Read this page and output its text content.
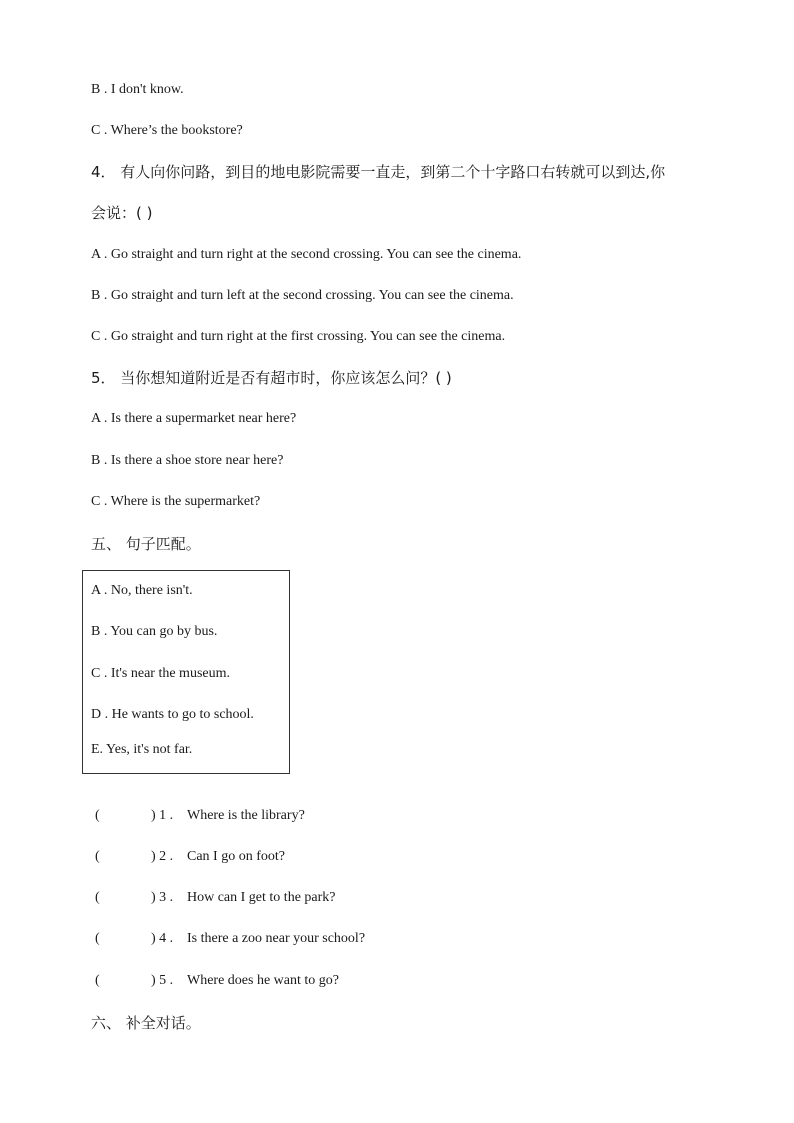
B . I don't know.
C . Where’s the bookstore?
4． 有人向你问路，到目的地电影院需要一直走，到第二个十字路口右转就可以到达,你
会说：( )
A . Go straight and turn right at the second crossing. You can see the cinema.
B . Go straight and turn left at the second crossing. You can see the cinema.
C . Go straight and turn right at the first crossing. You can see the cinema.
5． 当你想知道附近是否有超市时，你应该怎么问？( )
A . Is there a supermarket near here?
B . Is there a shoe store near here?
C . Where is the supermarket?
五、 句子匹配。
A . No, there isn't.
B . You can go by bus.
C . It's near the museum.
D . He wants to go to school.
E. Yes, it's not far.
(	) 1 . Where is the library?
(	) 2 . Can I go on foot?
(	) 3 . How can I get to the park?
(	) 4 . Is there a zoo near your school?
(	) 5 . Where does he want to go?
六、 补全对话。
